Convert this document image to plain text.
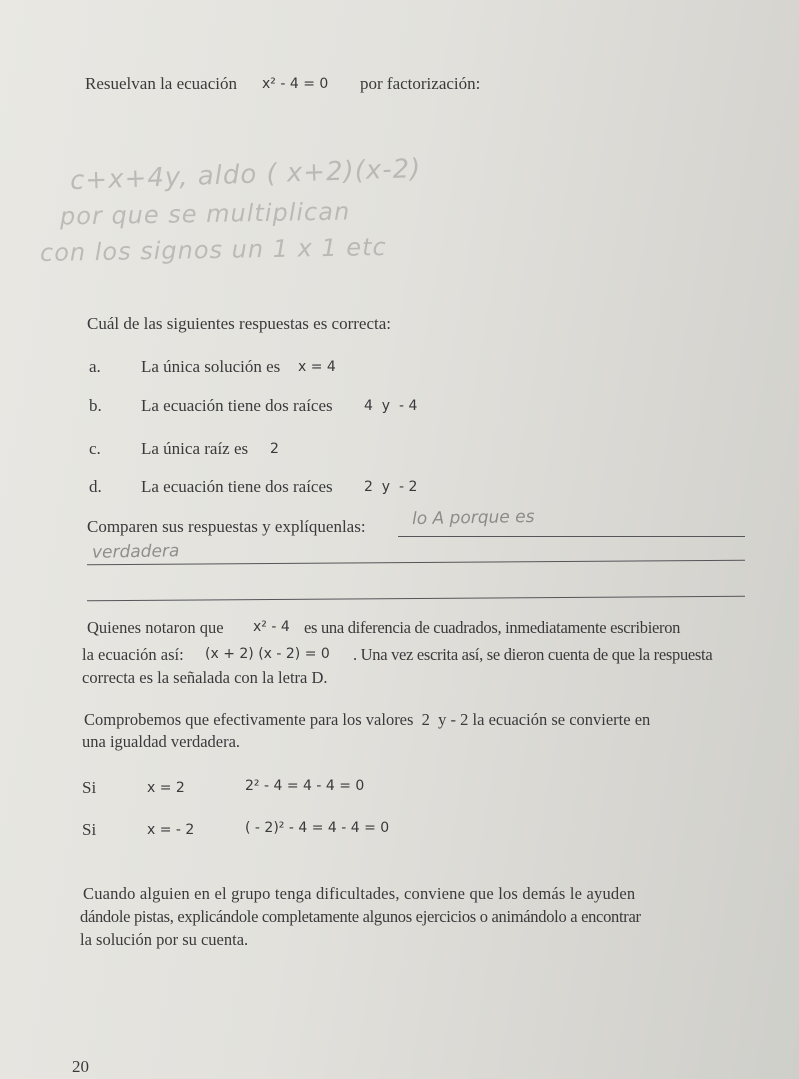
Resuelvan la ecuación x² - 4 = 0 por factorización:
c+x+4y, aldo ( x+2)(x-2)
por que se multiplican
con los signos un 1 x 1 etc
Cuál de las siguientes respuestas es correcta:
a. La única solución es x = 4
b. La ecuación tiene dos raíces 4  y  - 4
c. La única raíz es 2
d. La ecuación tiene dos raíces 2  y  - 2
Comparen sus respuestas y explíquenlas:	lo A porque es
verdadera
Quienes notaron que x² - 4 es una diferencia de cuadrados, inmediatamente escribieron
la ecuación así: (x + 2) (x - 2) = 0 . Una vez escrita así, se dieron cuenta de que la respuesta
correcta es la señalada con la letra D.
Comprobemos que efectivamente para los valores  2  y - 2 la ecuación se convierte en
una igualdad verdadera.
Si	x = 2	2² - 4 = 4 - 4 = 0
Si	x = - 2	( - 2)² - 4 = 4 - 4 = 0
Cuando alguien en el grupo tenga dificultades, conviene que los demás le ayuden
dándole pistas, explicándole completamente algunos ejercicios o animándolo a encontrar
la solución por su cuenta.
20
